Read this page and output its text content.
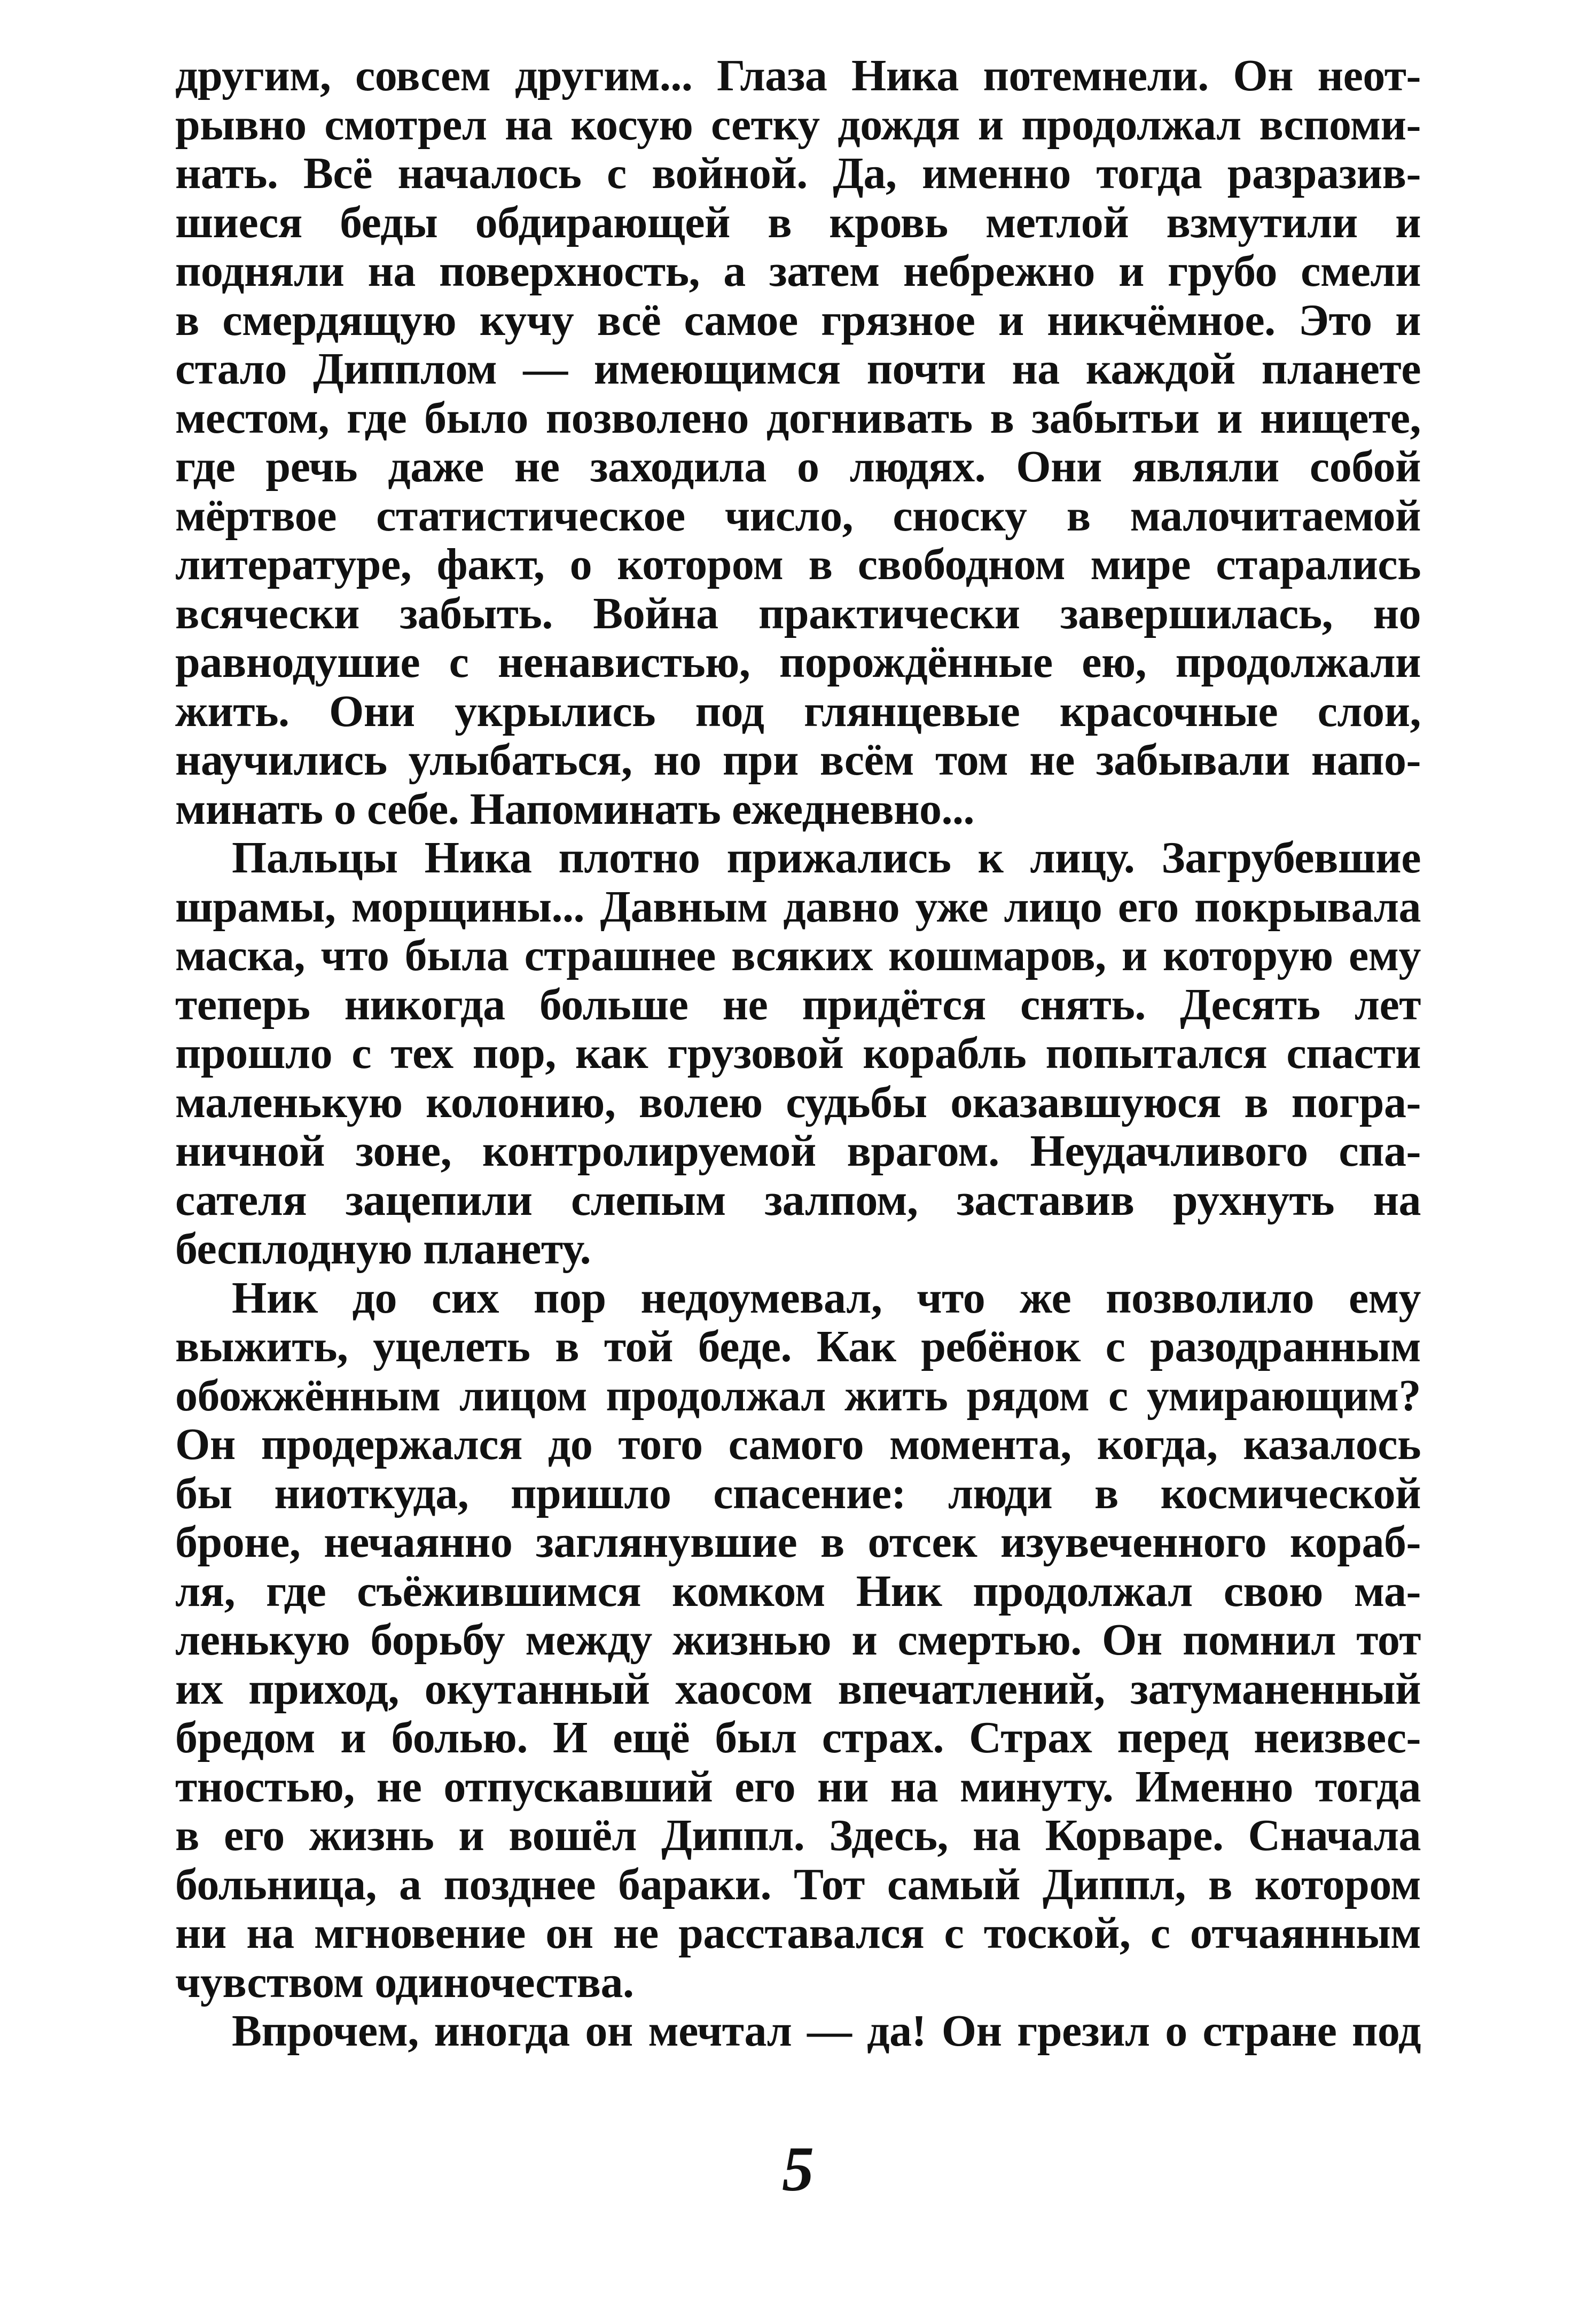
другим, совсем другим... Глаза Ника потемнели. Он неот-
рывно смотрел на косую сетку дождя и продолжал вспоми-
нать. Всё началось с войной. Да, именно тогда разразив-
шиеся беды обдирающей в кровь метлой взмутили и
подняли на поверхность, а затем небрежно и грубо смели
в смердящую кучу всё самое грязное и никчёмное. Это и
стало Дипплом — имеющимся почти на каждой планете
местом, где было позволено догнивать в забытьи и нищете,
где речь даже не заходила о людях. Они являли собой
мёртвое статистическое число, сноску в малочитаемой
литературе, факт, о котором в свободном мире старались
всячески забыть. Война практически завершилась, но
равнодушие с ненавистью, порождённые ею, продолжали
жить. Они укрылись под глянцевые красочные слои,
научились улыбаться, но при всём том не забывали напо-
минать о себе. Напоминать ежедневно...

Пальцы Ника плотно прижались к лицу. Загрубевшие
шрамы, морщины... Давным давно уже лицо его покрывала
маска, что была страшнее всяких кошмаров, и которую ему
теперь никогда больше не придётся снять. Десять лет
прошло с тех пор, как грузовой корабль попытался спасти
маленькую колонию, волею судьбы оказавшуюся в погра-
ничной зоне, контролируемой врагом. Неудачливого спа-
сателя зацепили слепым залпом, заставив рухнуть на
бесплодную планету.

Ник до сих пор недоумевал, что же позволило ему
выжить, уцелеть в той беде. Как ребёнок с разодранным
обожжённым лицом продолжал жить рядом с умирающим?
Он продержался до того самого момента, когда, казалось
бы ниоткуда, пришло спасение: люди в космической
броне, нечаянно заглянувшие в отсек изувеченного кораб-
ля, где съёжившимся комком Ник продолжал свою ма-
ленькую борьбу между жизнью и смертью. Он помнил тот
их приход, окутанный хаосом впечатлений, затуманенный
бредом и болью. И ещё был страх. Страх перед неизвес-
тностью, не отпускавший его ни на минуту. Именно тогда
в его жизнь и вошёл Диппл. Здесь, на Корваре. Сначала
больница, а позднее бараки. Тот самый Диппл, в котором
ни на мгновение он не расставался с тоской, с отчаянным
чувством одиночества.

Впрочем, иногда он мечтал — да! Он грезил о стране под

5
